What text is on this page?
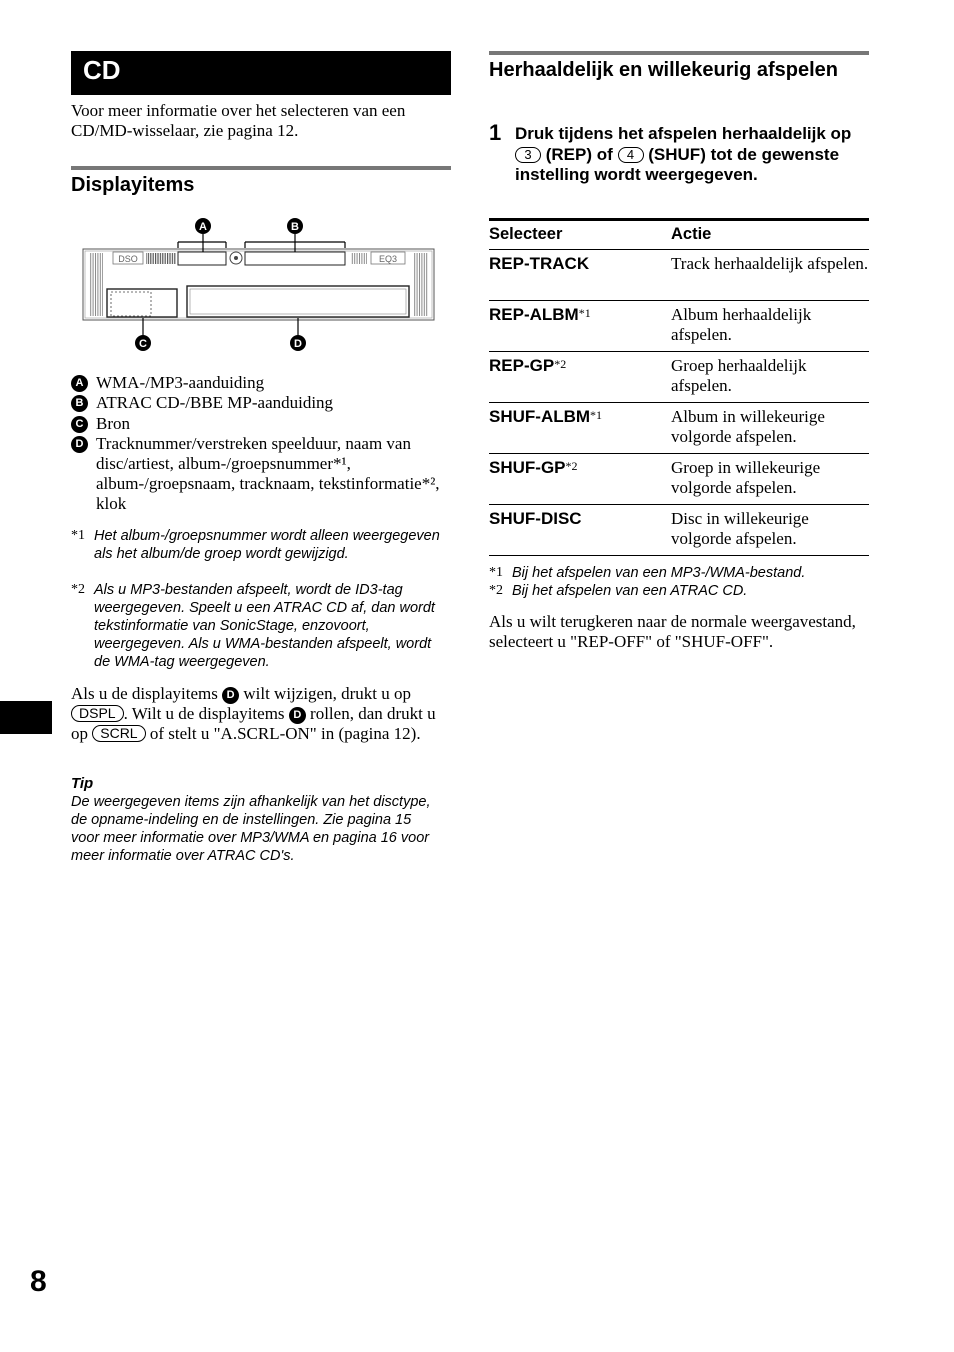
8
CD
Voor meer informatie over het selecteren van een CD/MD-wisselaar, zie pagina 12.
Displayitems
DSO	EQ3
A	B
C	D
A WMA-/MP3-aanduiding
B ATRAC CD-/BBE MP-aanduiding
C Bron
D Tracknummer/verstreken speelduur, naam van disc/artiest, album-/groepsnummer*¹, album-/groepsnaam, tracknaam, tekstinformatie*², klok
*1 Het album-/groepsnummer wordt alleen weergegeven als het album/de groep wordt gewijzigd.
*2 Als u MP3-bestanden afspeelt, wordt de ID3-tag weergegeven. Speelt u een ATRAC CD af, dan wordt tekstinformatie van SonicStage, enzovoort, weergegeven. Als u WMA-bestanden afspeelt, wordt de WMA-tag weergegeven.
Als u de displayitems D wilt wijzigen, drukt u op DSPL . Wilt u de displayitems D rollen, dan drukt u op SCRL of stelt u "A.SCRL-ON" in (pagina 12).
Tip
De weergegeven items zijn afhankelijk van het disctype, de opname-indeling en de instellingen. Zie pagina 15 voor meer informatie over MP3/WMA en pagina 16 voor meer informatie over ATRAC CD's.
Herhaaldelijk en willekeurig afspelen
1 Druk tijdens het afspelen herhaaldelijk op 3 (REP) of 4 (SHUF) tot de gewenste instelling wordt weergegeven.
Selecteer	Actie
REP-TRACK	Track herhaaldelijk afspelen.
REP-ALBM$^{*1}$	Album herhaaldelijk afspelen.
REP-GP$^{*2}$	Groep herhaaldelijk afspelen.
SHUF-ALBM$^{*1}$	Album in willekeurige volgorde afspelen.
SHUF-GP$^{*2}$	Groep in willekeurige volgorde afspelen.
SHUF-DISC	Disc in willekeurige volgorde afspelen.
*1 Bij het afspelen van een MP3-/WMA-bestand.
*2 Bij het afspelen van een ATRAC CD.
Als u wilt terugkeren naar de normale weergavestand, selecteert u "REP-OFF" of "SHUF-OFF".
